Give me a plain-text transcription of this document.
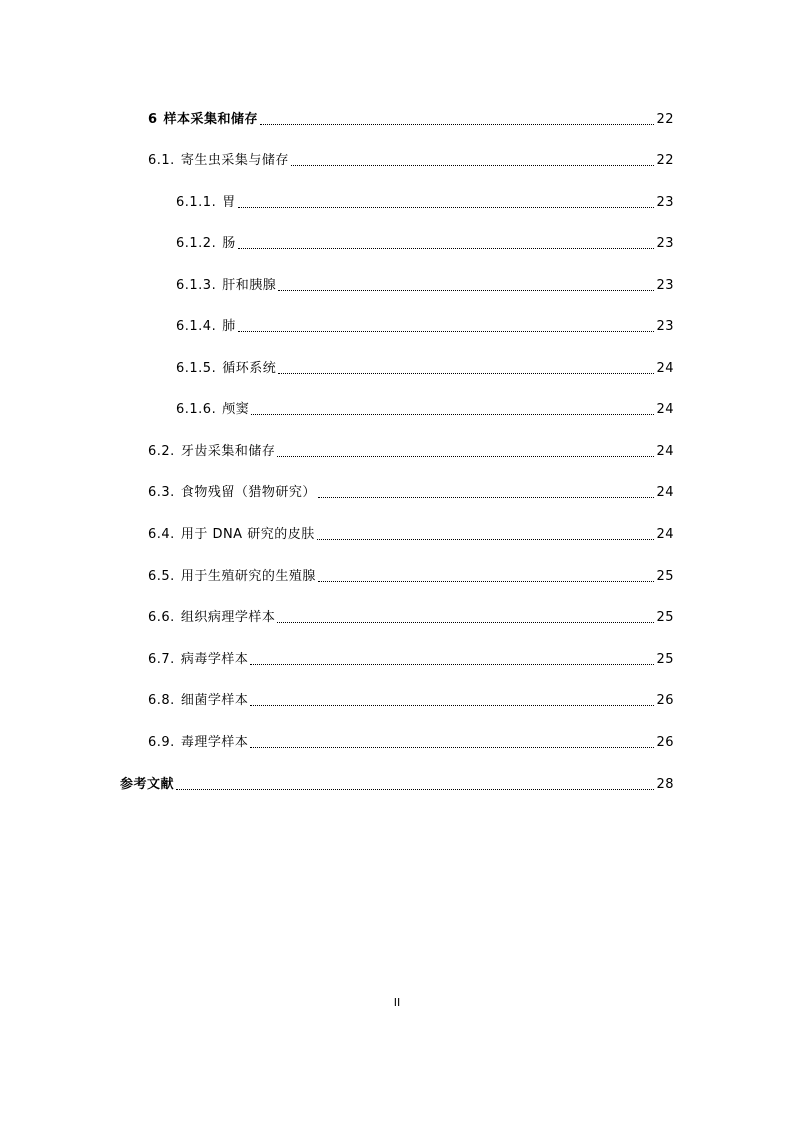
6 样本采集和储存	22
6.1. 寄生虫采集与储存	22
6.1.1. 胃	23
6.1.2. 肠	23
6.1.3. 肝和胰腺	23
6.1.4. 肺	23
6.1.5. 循环系统	24
6.1.6. 颅窦	24
6.2. 牙齿采集和储存	24
6.3. 食物残留（猎物研究）	24
6.4. 用于 DNA 研究的皮肤	24
6.5. 用于生殖研究的生殖腺	25
6.6. 组织病理学样本	25
6.7. 病毒学样本	25
6.8. 细菌学样本	26
6.9. 毒理学样本	26
参考文献	28
II
